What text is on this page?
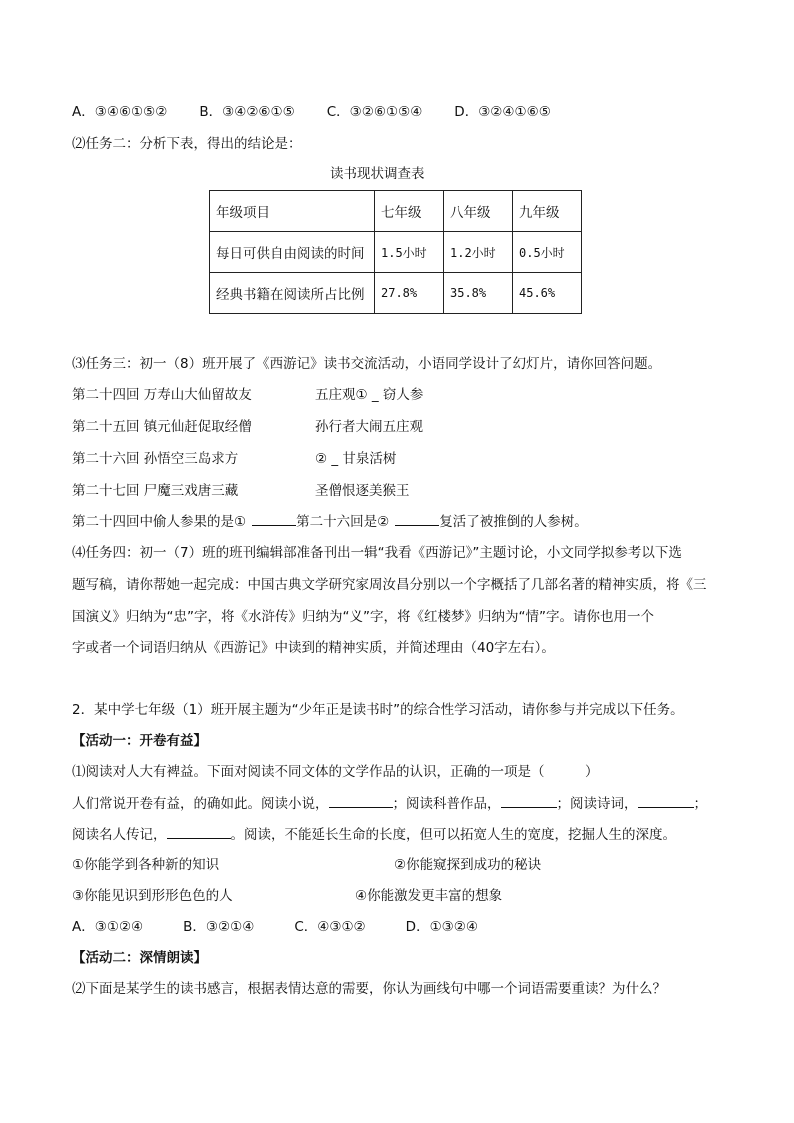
A．③④⑥①⑤② B．③④②⑥①⑤ C．③②⑥①⑤④ D．③②④①⑥⑤
⑵任务二：分析下表，得出的结论是：
读书现状调查表
年级项目	七年级	八年级	九年级
每日可供自由阅读的时间	1.5小时	1.2小时	0.5小时
经典书籍在阅读所占比例	27.8%	35.8%	45.6%
⑶任务三：初一（8）班开展了《西游记》读书交流活动，小语同学设计了幻灯片，请你回答问题。
第二十四回 万寿山大仙留故友	五庄观① _ 窃人参
第二十五回 镇元仙赶促取经僧	孙行者大闹五庄观
第二十六回 孙悟空三岛求方	② _ 甘泉活树
第二十七回 尸魔三戏唐三藏	圣僧恨逐美猴王
第二十四回中偷人参果的是①	第二十六回是②	复活了被推倒的人参树。
⑷任务四：初一（7）班的班刊编辑部准备刊出一辑“我看《西游记》”主题讨论，小文同学拟参考以下选
题写稿，请你帮她一起完成：中国古典文学研究家周汝昌分别以一个字概括了几部名著的精神实质，将《三
国演义》归纳为“忠”字，将《水浒传》归纳为“义”字，将《红楼梦》归纳为“情”字。请你也用一个
字或者一个词语归纳从《西游记》中读到的精神实质，并简述理由（40字左右）。
2．某中学七年级（1）班开展主题为“少年正是读书时”的综合性学习活动，请你参与并完成以下任务。
【活动一：开卷有益】
⑴阅读对人大有裨益。下面对阅读不同文体的文学作品的认识，正确的一项是（　　　）
人们常说开卷有益，的确如此。阅读小说，	；阅读科普作品，	；阅读诗词，	；
阅读名人传记，	。阅读，不能延长生命的长度，但可以拓宽人生的宽度，挖掘人生的深度。
①你能学到各种新的知识	②你能窥探到成功的秘诀
③你能见识到形形色色的人	④你能激发更丰富的想象
A．③①②④	B．③②①④	C．④③①②	D．①③②④
【活动二：深情朗读】
⑵下面是某学生的读书感言，根据表情达意的需要，你认为画线句中哪一个词语需要重读？为什么？
